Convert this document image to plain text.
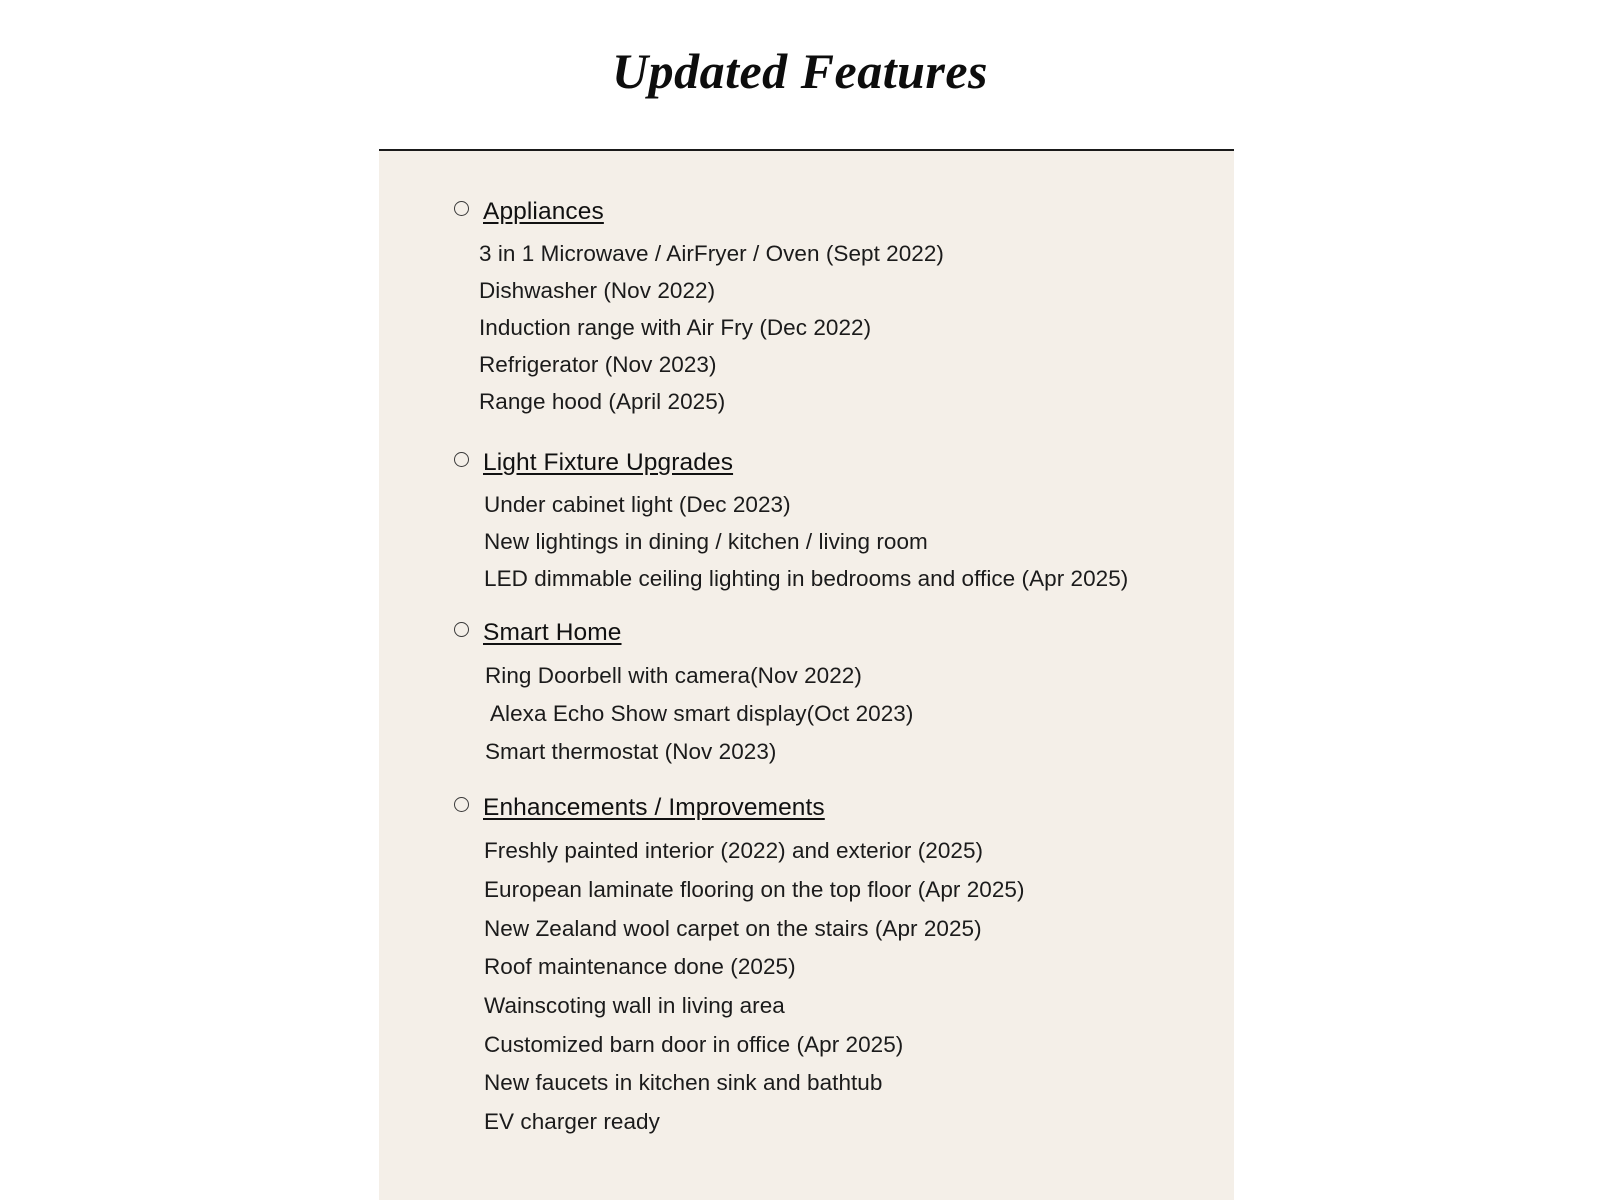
Updated Features
Appliances
3 in 1 Microwave / AirFryer / Oven (Sept 2022)
Dishwasher (Nov 2022)
Induction range with Air Fry (Dec 2022)
Refrigerator (Nov 2023)
Range hood (April 2025)
Light Fixture Upgrades
Under cabinet light (Dec 2023)
New lightings in dining / kitchen / living room
LED dimmable ceiling lighting in bedrooms and office (Apr 2025)
Smart Home
Ring Doorbell with camera(Nov 2022)
Alexa Echo Show smart display(Oct 2023)
Smart thermostat (Nov 2023)
Enhancements / Improvements
Freshly painted interior (2022) and exterior (2025)
European laminate flooring on the top floor (Apr 2025)
New Zealand wool carpet on the stairs (Apr 2025)
Roof maintenance done (2025)
Wainscoting wall in living area
Customized barn door in office (Apr 2025)
New faucets in kitchen sink and bathtub
EV charger ready
